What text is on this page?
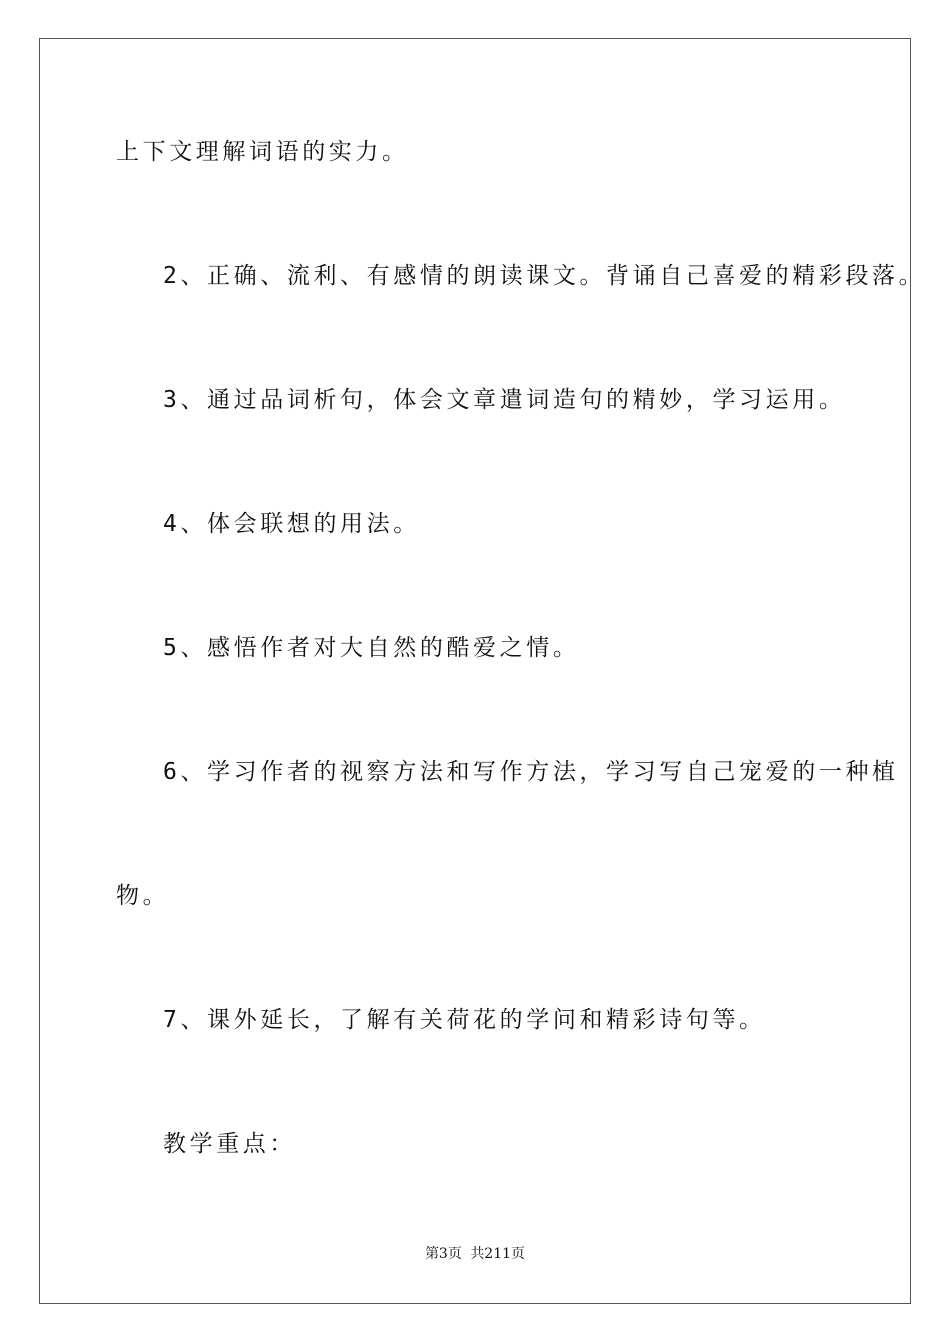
上下文理解词语的实力。
2、正确、流利、有感情的朗读课文。背诵自己喜爱的精彩段落。
3、通过品词析句，体会文章遣词造句的精妙，学习运用。
4、体会联想的用法。
5、感悟作者对大自然的酷爱之情。
6、学习作者的视察方法和写作方法，学习写自己宠爱的一种植
物。
7、课外延长，了解有关荷花的学问和精彩诗句等。
教学重点：
第3页 共211页
